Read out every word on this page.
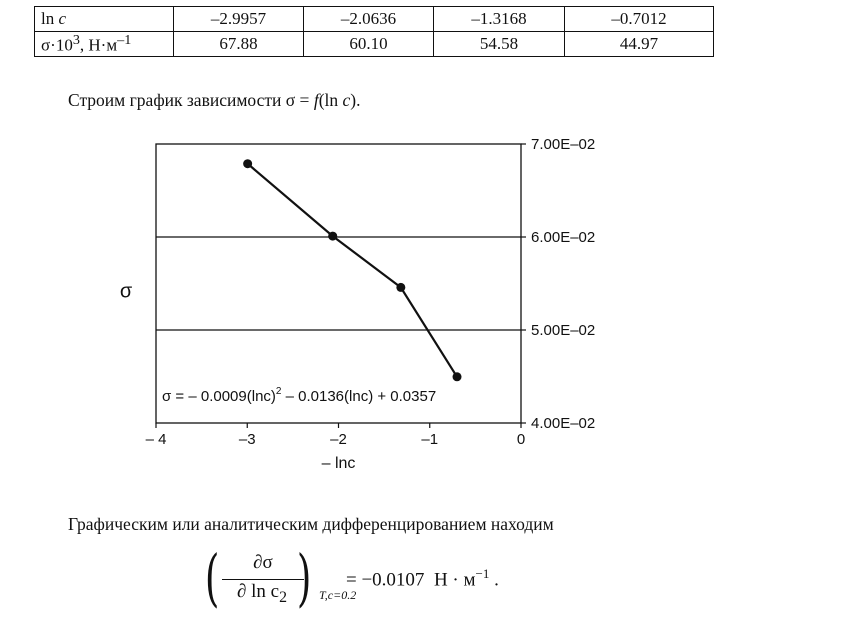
ln c	–2.9957	–2.0636	–1.3168	–0.7012
$\sigma\cdot 10^3$, $Н\cdot м^{-1}$	67.88	60.10	54.58	44.97
Строим график зависимости σ = f(ln c).
7.00E–02
6.00E–02
5.00E–02
4.00E–02
– 4	–3	–2	–1	0
– lnc
σ
σ = – $0.0009(\ln c)^2 - 0.0136(\ln c) + 0.0357$
Графическим или аналитическим дифференцированием находим
(	∂σ
∂ $\ln c_2$ ) T,c=0.2
= −0.0107 $Н \cdot м^{-1}$ .
